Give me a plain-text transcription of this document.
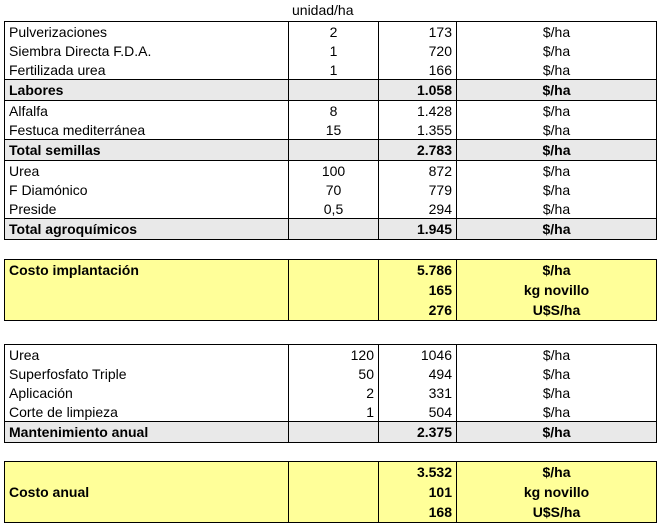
unidad/ha
Pulverizaciones	2	173	$/ha
Siembra Directa F.D.A.	1	720	$/ha
Fertilizada urea	1	166	$/ha
Labores		1.058	$/ha
Alfalfa	8	1.428	$/ha
Festuca mediterránea	15	1.355	$/ha
Total semillas		2.783	$/ha
Urea	100	872	$/ha
F Diamónico	70	779	$/ha
Preside	0,5	294	$/ha
Total agroquímicos		1.945	$/ha
Costo implantación		5.786	$/ha
		165	kg novillo
		276	U$S/ha
Urea	120	1046	$/ha
Superfosfato Triple	50	494	$/ha
Aplicación	2	331	$/ha
Corte de limpieza	1	504	$/ha
Mantenimiento anual		2.375	$/ha
		3.532	$/ha
Costo anual		101	kg novillo
		168	U$S/ha
